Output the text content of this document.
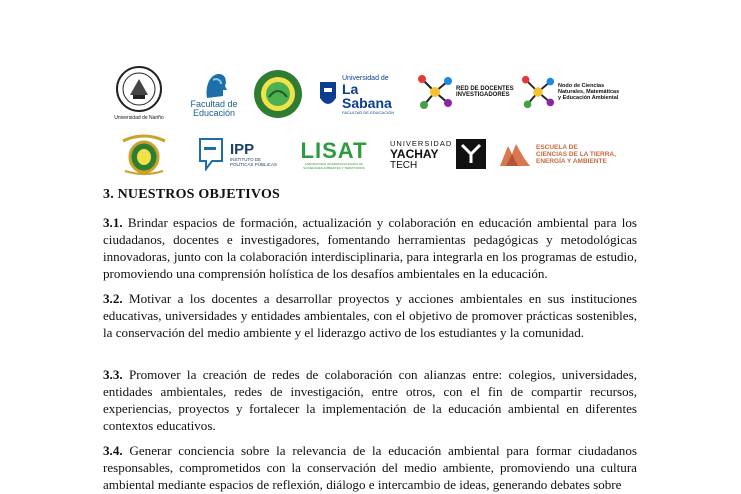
Universidad de Nariño
Facultad de
Educación
Universidad de
La Sabana
FACULTAD DE EDUCACIÓN
RED DE DOCENTES
INVESTIGADORES
Nodo de Ciencias
Naturales, Matemáticas
y Educación Ambiental
IPP
INSTITUTO DE
POLÍTICAS PÚBLICAS
LISAT
LABORATORIO INTERDISCIPLINARIO DE
SOCIEDADES AMBIENTES Y TERRITORIOS
UNIVERSIDAD
YACHAY
TECH
ESCUELA DE
CIENCIAS DE LA TIERRA,
ENERGÍA Y AMBIENTE
3. NUESTROS OBJETIVOS
3.1. Brindar espacios de formación, actualización y colaboración en educación ambiental para los ciudadanos, docentes e investigadores, fomentando herramientas pedagógicas y metodológicas innovadoras, junto con la colaboración interdisciplinaria, para integrarla en los programas de estudio, promoviendo una comprensión holística de los desafíos ambientales en la educación.
3.2. Motivar a los docentes a desarrollar proyectos y acciones ambientales en sus instituciones educativas, universidades y entidades ambientales, con el objetivo de promover prácticas sostenibles, la conservación del medio ambiente y el liderazgo activo de los estudiantes y la comunidad.
3.3. Promover la creación de redes de colaboración con alianzas entre: colegios, universidades, entidades ambientales, redes de investigación, entre otros, con el fin de compartir recursos, experiencias, proyectos y fortalecer la implementación de la educación ambiental en diferentes contextos educativos.
3.4. Generar conciencia sobre la relevancia de la educación ambiental para formar ciudadanos responsables, comprometidos con la conservación del medio ambiente, promoviendo una cultura ambiental mediante espacios de reflexión, diálogo e intercambio de ideas, generando debates sobre
